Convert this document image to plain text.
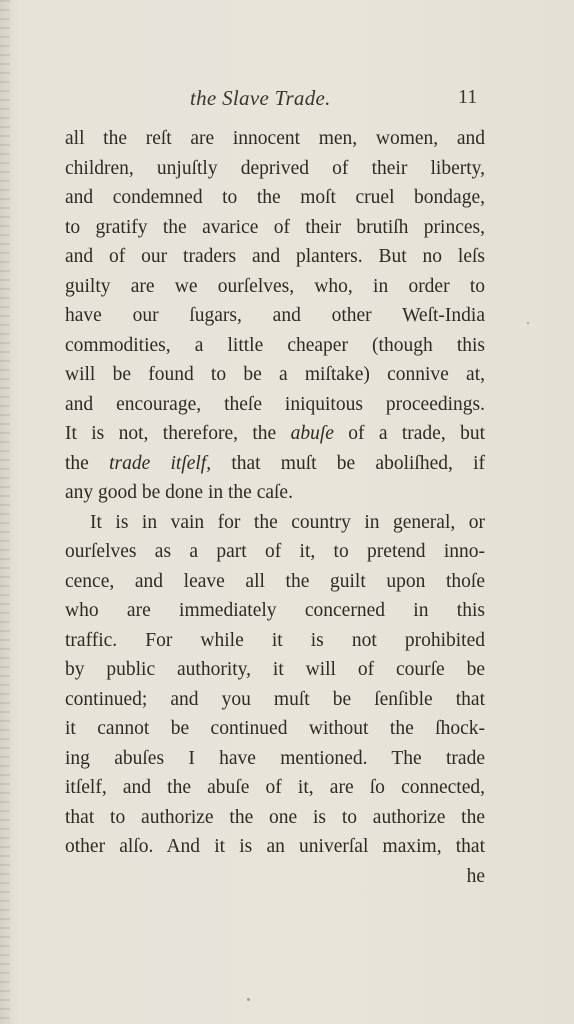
the Slave Trade.	11
all the reſt are innocent men, women, and
children, unjuſtly deprived of their liberty,
and condemned to the moſt cruel bondage,
to gratify the avarice of their brutiſh princes,
and of our traders and planters. But no leſs
guilty are we ourſelves, who, in order to
have our ſugars, and other Weſt-India
commodities, a little cheaper (though this
will be found to be a miſtake) connive at,
and encourage, theſe iniquitous proceedings.
It is not, therefore, the abuſe of a trade, but
the trade itſelf, that muſt be aboliſhed, if
any good be done in the caſe.
It is in vain for the country in general, or
ourſelves as a part of it, to pretend inno-
cence, and leave all the guilt upon thoſe
who are immediately concerned in this
traffic. For while it is not prohibited
by public authority, it will of courſe be
continued; and you muſt be ſenſible that
it cannot be continued without the ſhock-
ing abuſes I have mentioned. The trade
itſelf, and the abuſe of it, are ſo connected,
that to authorize the one is to authorize the
other alſo. And it is an univerſal maxim, that
he
